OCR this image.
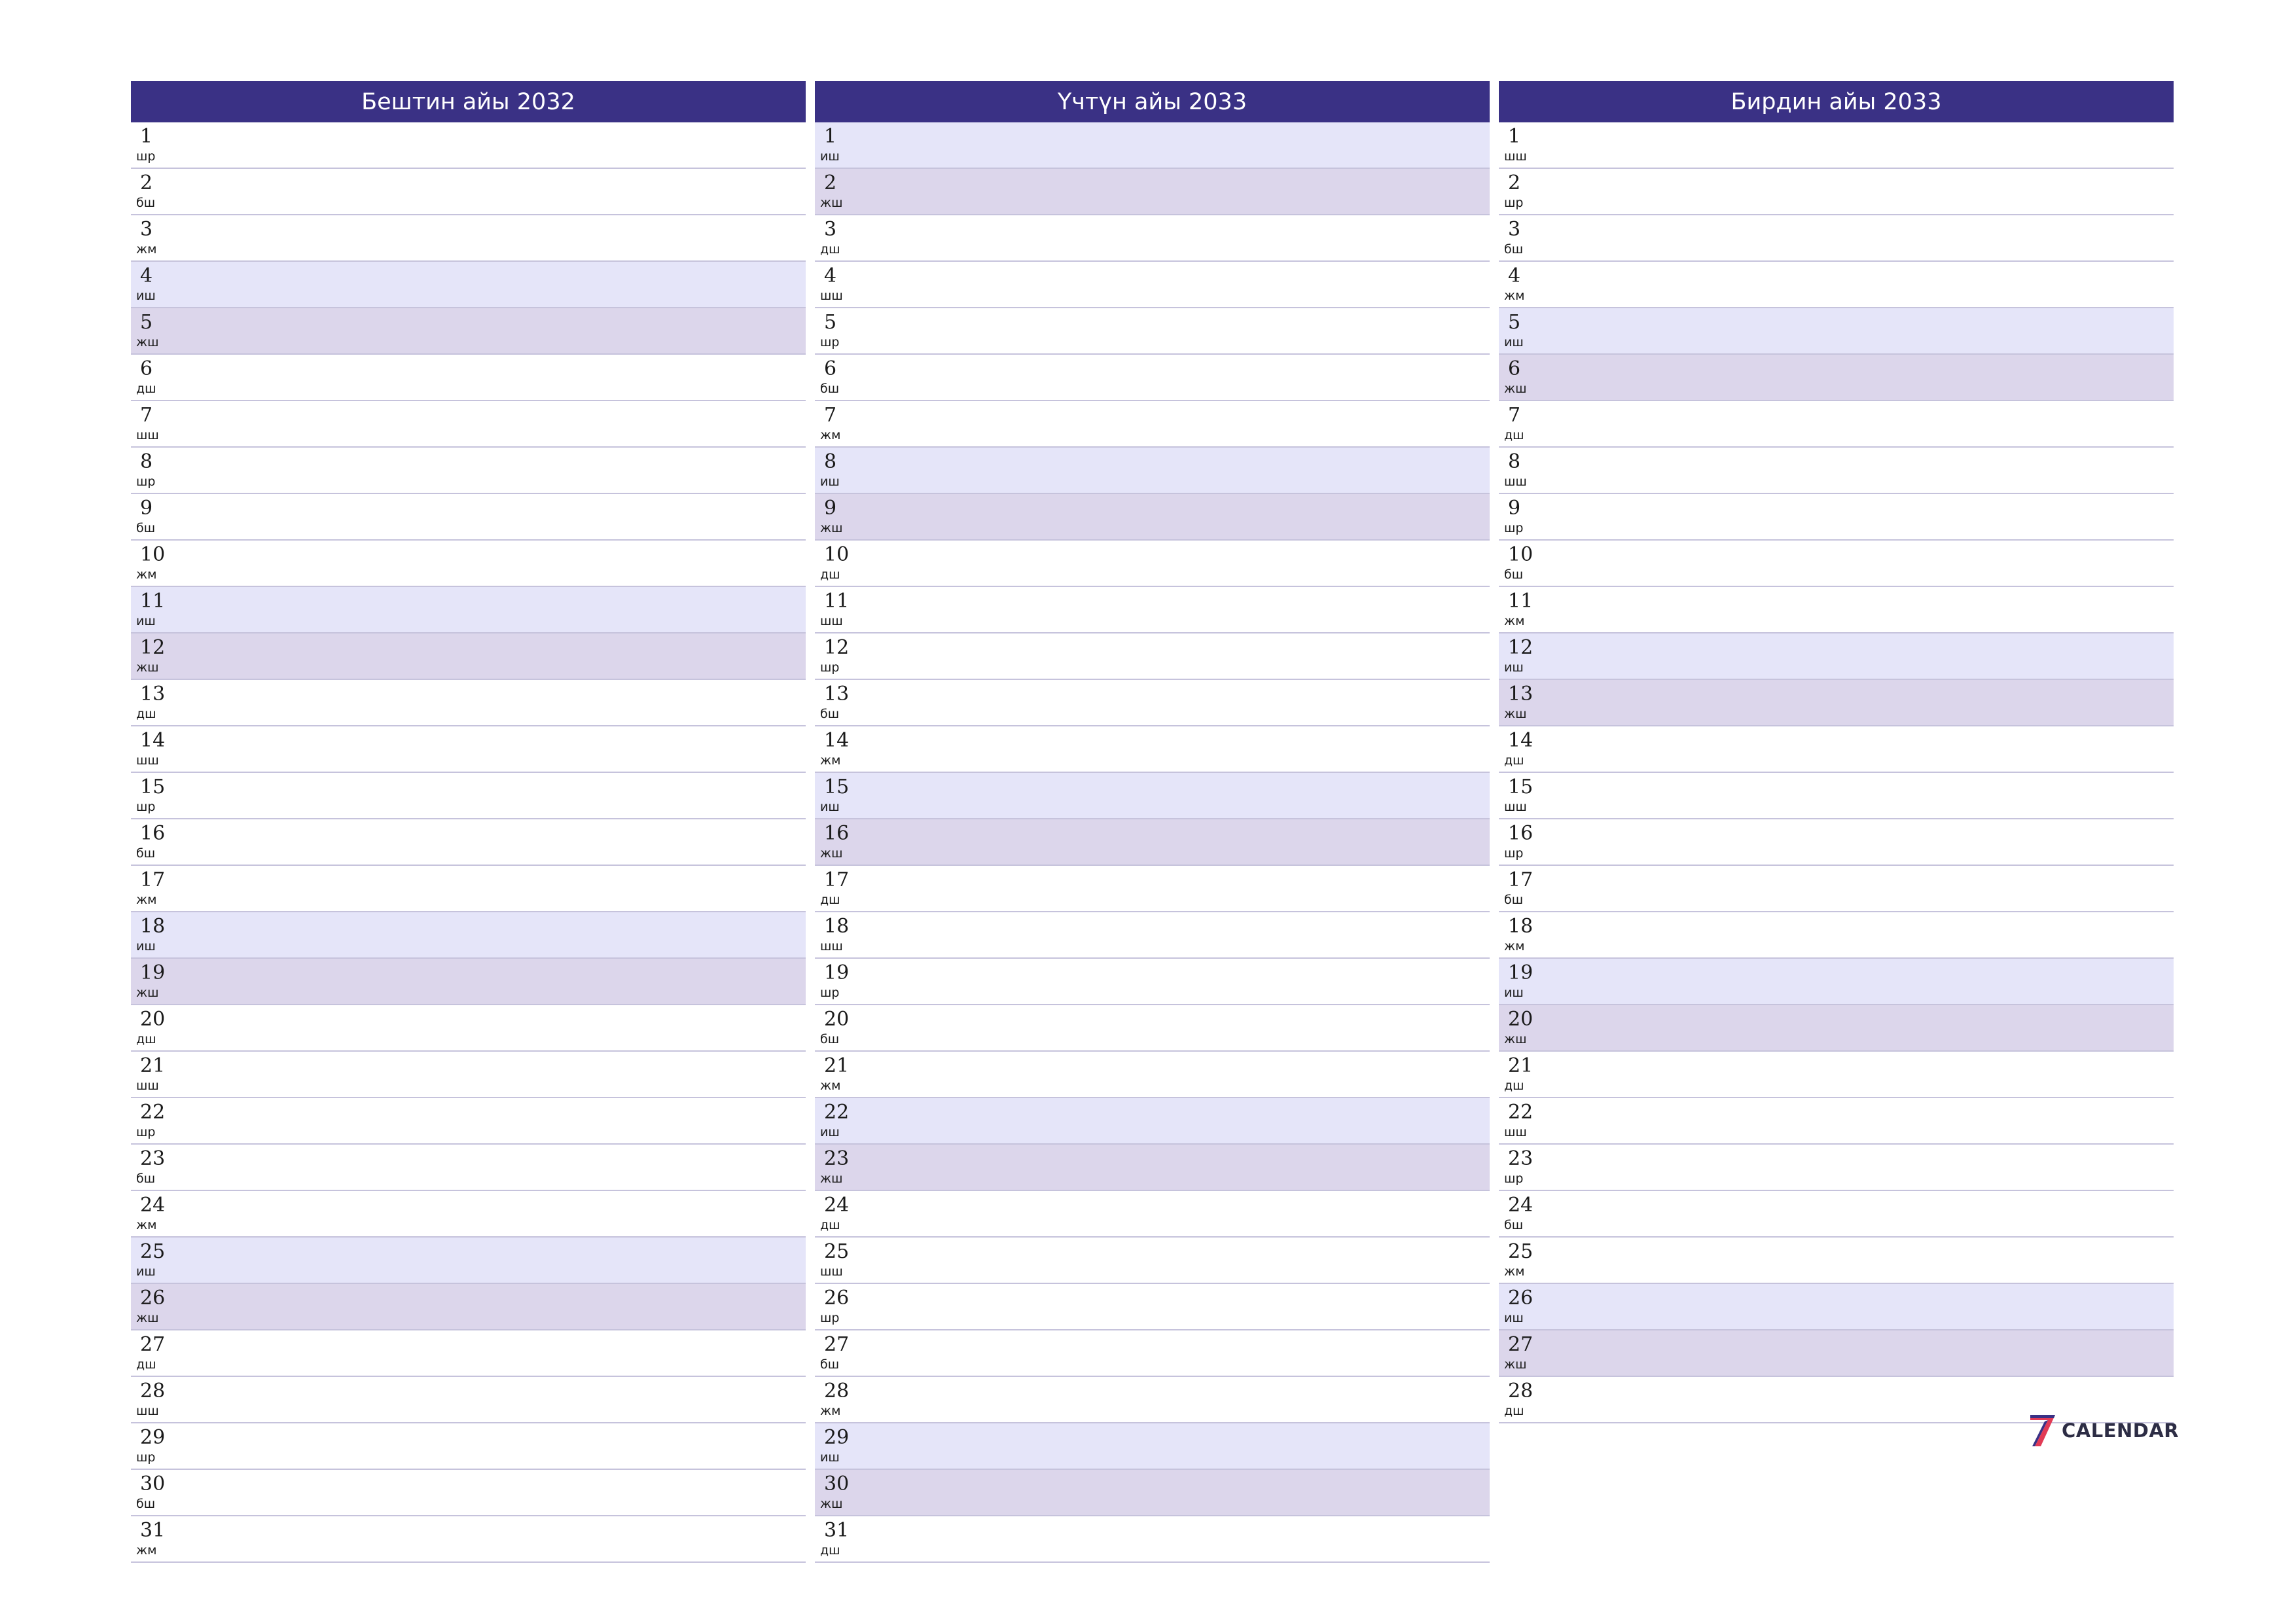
Бештин айы 2032
1
шр
2
бш
3
жм
4
иш
5
жш
6
дш
7
шш
8
шр
9
бш
10
жм
11
иш
12
жш
13
дш
14
шш
15
шр
16
бш
17
жм
18
иш
19
жш
20
дш
21
шш
22
шр
23
бш
24
жм
25
иш
26
жш
27
дш
28
шш
29
шр
30
бш
31
жм
Үчтүн айы 2033
1
иш
2
жш
3
дш
4
шш
5
шр
6
бш
7
жм
8
иш
9
жш
10
дш
11
шш
12
шр
13
бш
14
жм
15
иш
16
жш
17
дш
18
шш
19
шр
20
бш
21
жм
22
иш
23
жш
24
дш
25
шш
26
шр
27
бш
28
жм
29
иш
30
жш
31
дш
Бирдин айы 2033
1
шш
2
шр
3
бш
4
жм
5
иш
6
жш
7
дш
8
шш
9
шр
10
бш
11
жм
12
иш
13
жш
14
дш
15
шш
16
шр
17
бш
18
жм
19
иш
20
жш
21
дш
22
шш
23
шр
24
бш
25
жм
26
иш
27
жш
28
дш
CALENDAR
